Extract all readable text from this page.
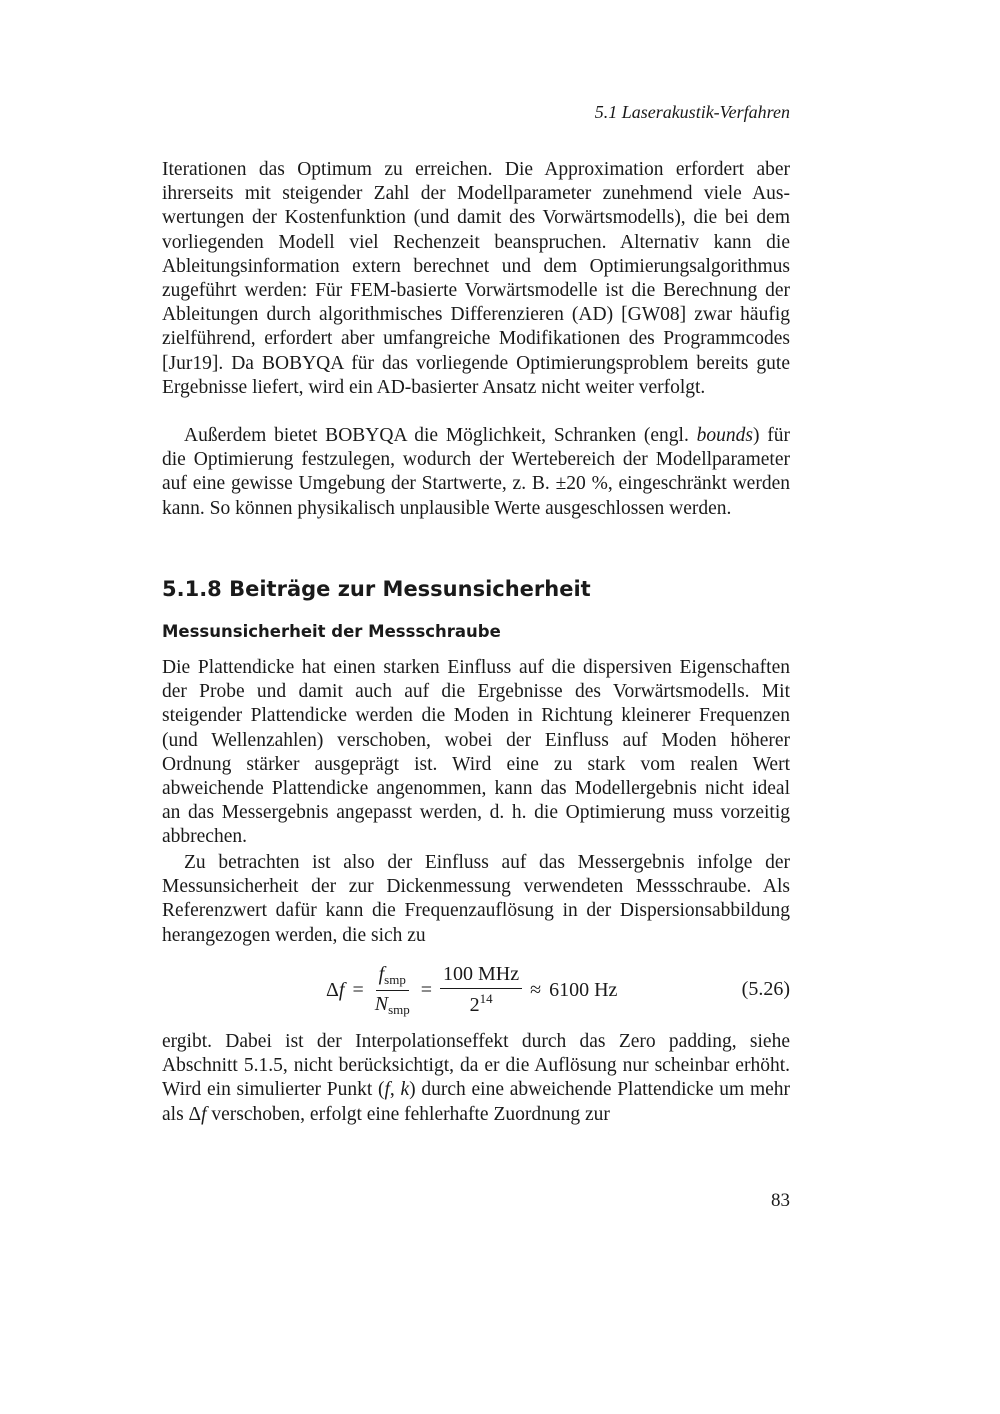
5.1 Laserakustik-Verfahren

Iterationen das Optimum zu erreichen. Die Approximation erfordert aber ihrerseits mit steigender Zahl der Modellparameter zunehmend viele Auswertungen der Kostenfunktion (und damit des Vorwärtsmodells), die bei dem vorliegenden Modell viel Rechenzeit beanspruchen. Alternativ kann die Ableitungsinformation extern berechnet und dem Optimierungsalgorithmus zugeführt werden: Für FEM-basierte Vorwärtsmodelle ist die Berechnung der Ableitungen durch algorithmisches Differenzieren (AD) [GW08] zwar häufig zielführend, erfordert aber umfangreiche Modifikationen des Programmcodes [Jur19]. Da BOBYQA für das vorliegende Optimierungsproblem bereits gute Ergebnisse liefert, wird ein AD-basierter Ansatz nicht weiter verfolgt.

Außerdem bietet BOBYQA die Möglichkeit, Schranken (engl. bounds) für die Optimierung festzulegen, wodurch der Wertebereich der Modellparameter auf eine gewisse Umgebung der Startwerte, z. B. ±20 %, eingeschränkt werden kann. So können physikalisch unplausible Werte ausgeschlossen werden.

5.1.8 Beiträge zur Messunsicherheit
Messunsicherheit der Messschraube

Die Plattendicke hat einen starken Einfluss auf die dispersiven Eigenschaften der Probe und damit auch auf die Ergebnisse des Vorwärtsmodells. Mit steigender Plattendicke werden die Moden in Richtung kleinerer Frequenzen (und Wellenzahlen) verschoben, wobei der Einfluss auf Moden höherer Ordnung stärker ausgeprägt ist. Wird eine zu stark vom realen Wert abweichende Plattendicke angenommen, kann das Modellergebnis nicht ideal an das Messergebnis angepasst werden, d. h. die Optimierung muss vorzeitig abbrechen.

Zu betrachten ist also der Einfluss auf das Messergebnis infolge der Messunsicherheit der zur Dickenmessung verwendeten Messschraube. Als Referenzwert dafür kann die Frequenzauflösung in der Dispersionsabbildung herangezogen werden, die sich zu

$\Delta f = \frac{f_{smp}}{N_{smp}} = \frac{\text{100 MHz}}{2^{14}} \approx 6100$ Hz	(5.26)

ergibt. Dabei ist der Interpolationseffekt durch das Zero padding, siehe Abschnitt 5.1.5, nicht berücksichtigt, da er die Auflösung nur scheinbar erhöht. Wird ein simulierter Punkt (f, k) durch eine abweichende Plattendicke um mehr als Δf verschoben, erfolgt eine fehlerhafte Zuordnung zur

83
